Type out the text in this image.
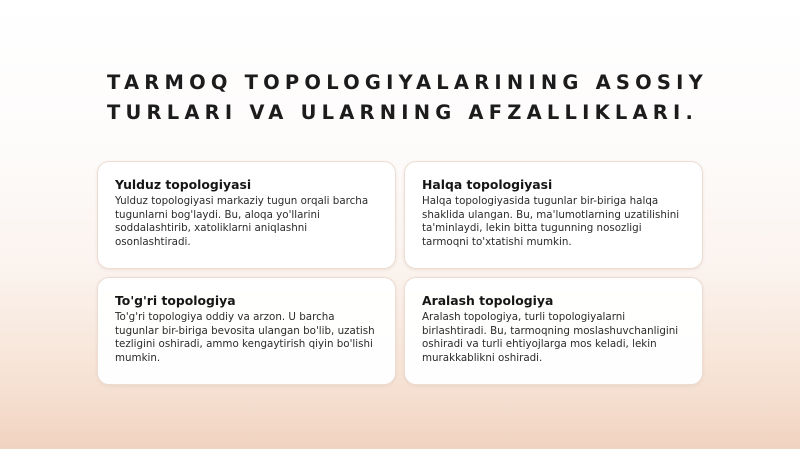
TARMOQ TOPOLOGIYALARINING ASOSIY TURLARI VA ULARNING AFZALLIKLARI.
Yulduz topologiyasi

Yulduz topologiyasi markaziy tugun orqali barcha tugunlarni bog'laydi. Bu, aloqa yo'llarini soddalashtirib, xatoliklarni aniqlashni osonlashtiradi.

Halqa topologiyasi

Halqa topologiyasida tugunlar bir-biriga halqa shaklida ulangan. Bu, ma'lumotlarning uzatilishini ta'minlaydi, lekin bitta tugunning nosozligi tarmoqni to'xtatishi mumkin.

To'g'ri topologiya

To'g'ri topologiya oddiy va arzon. U barcha tugunlar bir-biriga bevosita ulangan bo'lib, uzatish tezligini oshiradi, ammo kengaytirish qiyin bo'lishi mumkin.

Aralash topologiya

Aralash topologiya, turli topologiyalarni birlashtiradi. Bu, tarmoqning moslashuvchanligini oshiradi va turli ehtiyojlarga mos keladi, lekin murakkablikni oshiradi.
